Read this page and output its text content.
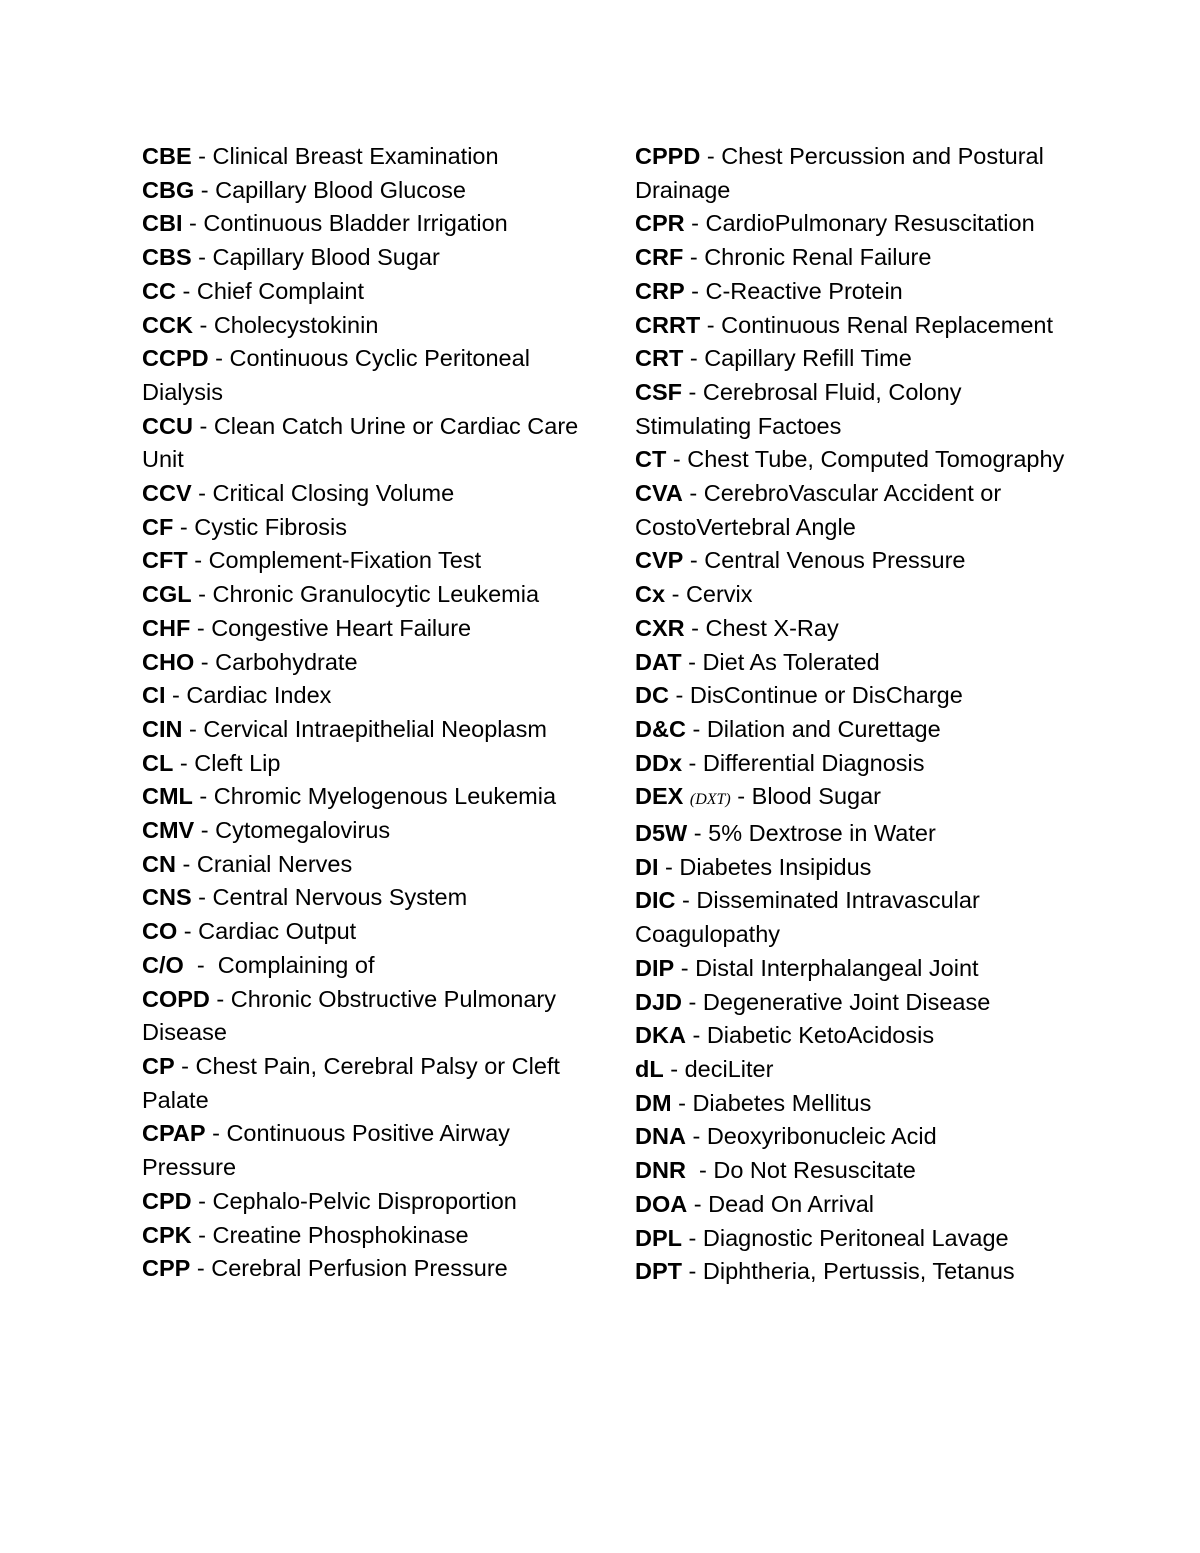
CBE - Clinical Breast Examination

CBG - Capillary Blood Glucose

CBI - Continuous Bladder Irrigation

CBS - Capillary Blood Sugar

CC - Chief Complaint

CCK - Cholecystokinin

CCPD - Continuous Cyclic Peritoneal Dialysis

CCU - Clean Catch Urine or Cardiac Care Unit

CCV - Critical Closing Volume

CF - Cystic Fibrosis

CFT - Complement-Fixation Test

CGL - Chronic Granulocytic Leukemia

CHF - Congestive Heart Failure

CHO - Carbohydrate

CI - Cardiac Index

CIN - Cervical Intraepithelial Neoplasm

CL - Cleft Lip

CML - Chromic Myelogenous Leukemia

CMV - Cytomegalovirus

CN - Cranial Nerves

CNS - Central Nervous System

CO - Cardiac Output

C/O  -  Complaining of

COPD - Chronic Obstructive Pulmonary Disease

CP - Chest Pain, Cerebral Palsy or Cleft Palate

CPAP - Continuous Positive Airway Pressure

CPD - Cephalo-Pelvic Disproportion

CPK - Creatine Phosphokinase

CPP - Cerebral Perfusion Pressure

CPPD - Chest Percussion and Postural Drainage

CPR - CardioPulmonary Resuscitation

CRF - Chronic Renal Failure

CRP - C-Reactive Protein

CRRT - Continuous Renal Replacement

CRT - Capillary Refill Time

CSF - Cerebrosal Fluid, Colony Stimulating Factoes

CT - Chest Tube, Computed Tomography

CVA - CerebroVascular Accident or CostoVertebral Angle

CVP - Central Venous Pressure

Cx - Cervix

CXR - Chest X-Ray

DAT - Diet As Tolerated

DC - DisContinue or DisCharge

D&C - Dilation and Curettage

DDx - Differential Diagnosis

DEX (DXT) - Blood Sugar

D5W - 5% Dextrose in Water

DI - Diabetes Insipidus

DIC - Disseminated Intravascular Coagulopathy

DIP - Distal Interphalangeal Joint

DJD - Degenerative Joint Disease

DKA - Diabetic KetoAcidosis

dL - deciLiter

DM - Diabetes Mellitus

DNA - Deoxyribonucleic Acid

DNR  - Do Not Resuscitate

DOA - Dead On Arrival

DPL - Diagnostic Peritoneal Lavage

DPT - Diphtheria, Pertussis, Tetanus
